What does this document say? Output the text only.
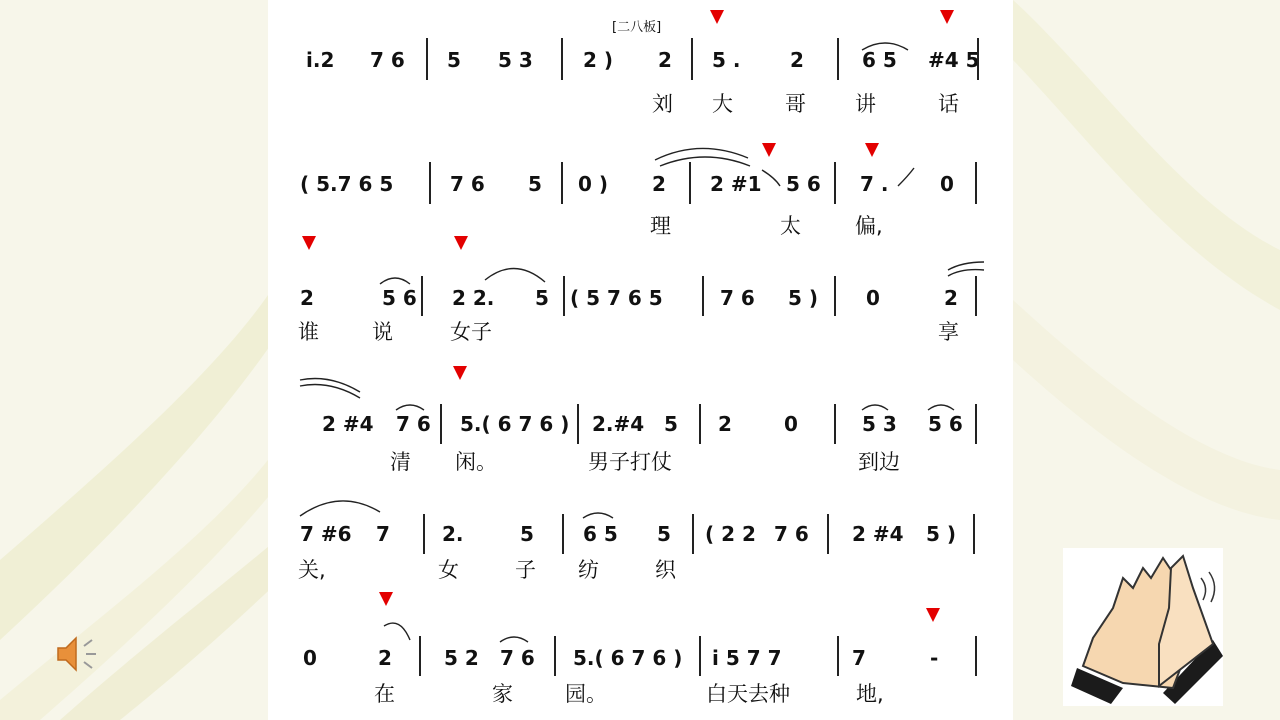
[二八板]
i.2 7 6 5 5 3	2 ) 2 5 . 2	6 5 #4 5
刘 大 哥 讲	话
( 5.7 6 5	7 6 5 0 ) 2 2 #1 5 6 7 .	0
理	太	偏,
2	5 6 2 2. 5 ( 5 7 6 5	7 6 5 ) 0	2
谁	说	女子	享
2 #4 7 6 5.( 6 7 6 ) 2.#4 5 2	0	5 3 5 6
清 闲。	男子打仗	到边
7 #6 7	2.	5 6 5 5 ( 2 2 7 6 2 #4 5 )
关,	女	子 纺	织
0	2	5 2 7 6 5.( 6 7 6 ) i 5 7 7	7	-
在	家 园。	白天去种	地,
